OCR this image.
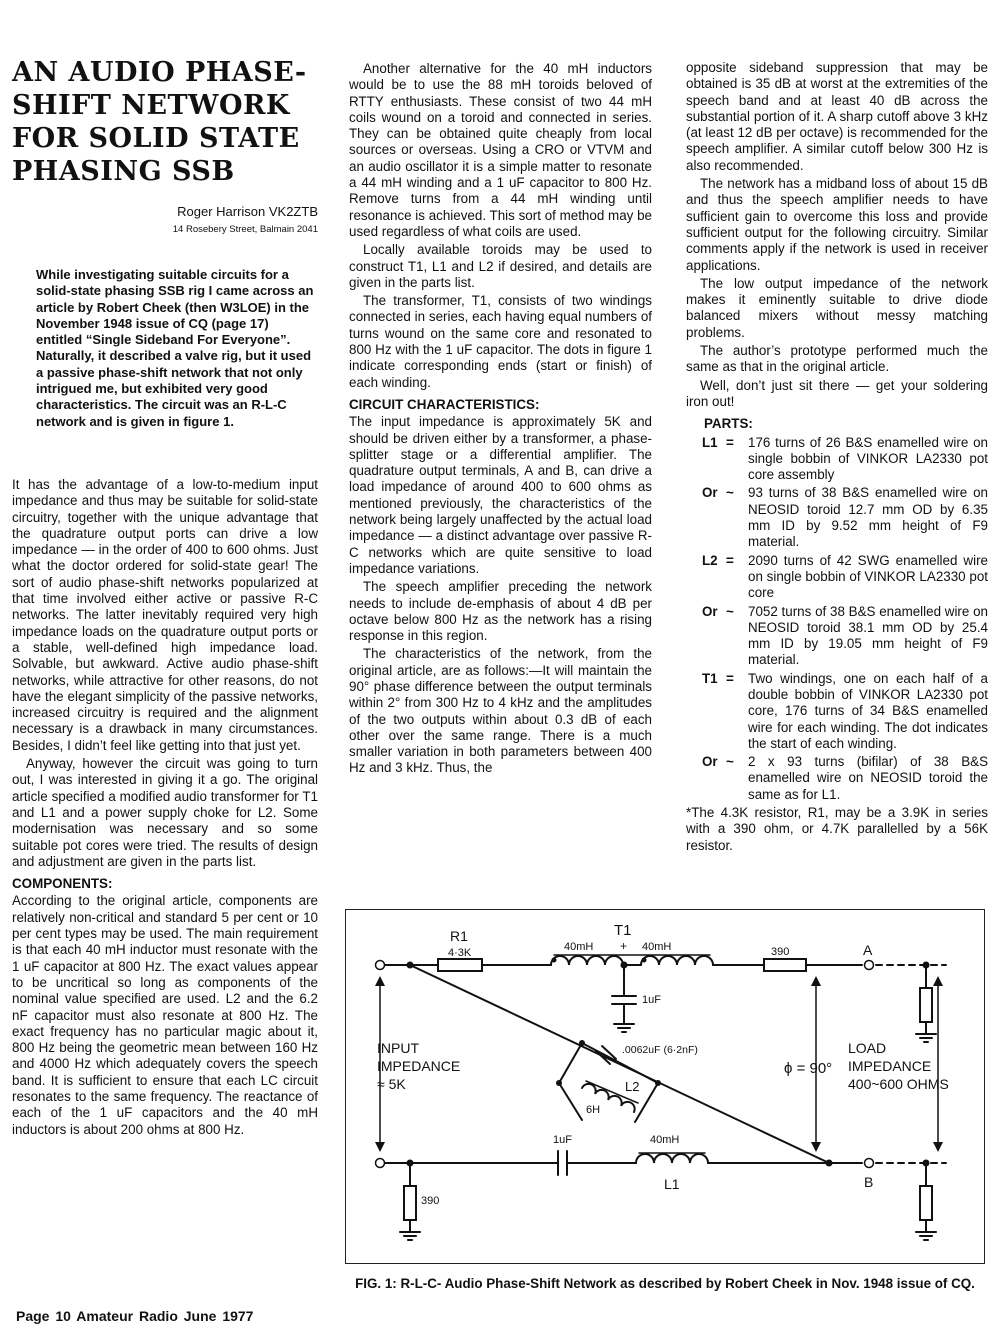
AN AUDIO PHASE-
SHIFT NETWORK
FOR SOLID STATE
PHASING SSB
Roger Harrison VK2ZTB
14 Rosebery Street, Balmain 2041
While investigating suitable circuits for a solid-state phasing SSB rig I came across an article by Robert Cheek (then W3LOE) in the November 1948 issue of CQ (page 17) entitled “Single Sideband For Everyone”. Naturally, it described a valve rig, but it used a passive phase-shift network that not only intrigued me, but exhibited very good characteristics. The circuit was an R-L-C network and is given in figure 1.

It has the advantage of a low-to-medium input impedance and thus may be suitable for solid-state circuitry, together with the unique advantage that the quadrature output ports can drive a low impedance — in the order of 400 to 600 ohms. Just what the doctor ordered for solid-state gear! The sort of audio phase-shift networks popularized at that time involved either active or passive R-C networks. The latter inevitably required very high impedance loads on the quadrature output ports or a stable, well-defined high impedance load. Solvable, but awkward. Active audio phase-shift networks, while attractive for other reasons, do not have the elegant simplicity of the passive networks, increased circuitry is required and the alignment necessary is a drawback in many circumstances. Besides, I didn’t feel like getting into that just yet.

Anyway, however the circuit was going to turn out, I was interested in giving it a go. The original article specified a modified audio transformer for T1 and L1 and a power supply choke for L2. Some modernisation was necessary and so some suitable pot cores were tried. The results of design and adjustment are given in the parts list.

COMPONENTS:

According to the original article, components are relatively non-critical and standard 5 per cent or 10 per cent types may be used. The main requirement is that each 40 mH inductor must resonate with the 1 uF capacitor at 800 Hz. The exact values appear to be uncritical so long as components of the nominal value specified are used. L2 and the 6.2 nF capacitor must also resonate at 800 Hz. The exact frequency has no particular magic about it, 800 Hz being the geometric mean between 160 Hz and 4000 Hz which adequately covers the speech band. It is sufficient to ensure that each LC circuit resonates to the same frequency. The reactance of each of the 1 uF capacitors and the 40 mH inductors is about 200 ohms at 800 Hz.

Another alternative for the 40 mH inductors would be to use the 88 mH toroids beloved of RTTY enthusiasts. These consist of two 44 mH coils wound on a toroid and connected in series. They can be obtained quite cheaply from local sources or overseas. Using a CRO or VTVM and an audio oscillator it is a simple matter to resonate a 44 mH winding and a 1 uF capacitor to 800 Hz. Remove turns from a 44 mH winding until resonance is achieved. This sort of method may be used regardless of what coils are used.

Locally available toroids may be used to construct T1, L1 and L2 if desired, and details are given in the parts list.

The transformer, T1, consists of two windings connected in series, each having equal numbers of turns wound on the same core and resonated to 800 Hz with the 1 uF capacitor. The dots in figure 1 indicate corresponding ends (start or finish) of each winding.

CIRCUIT CHARACTERISTICS:

The input impedance is approximately 5K and should be driven either by a transformer, a phase-splitter stage or a differential amplifier. The quadrature output terminals, A and B, can drive a load impedance of around 400 to 600 ohms as mentioned previously, the characteristics of the network being largely unaffected by the actual load impedance — a distinct advantage over passive R-C networks which are quite sensitive to load impedance variations.

The speech amplifier preceding the network needs to include de-emphasis of about 4 dB per octave below 800 Hz as the network has a rising response in this region.

The characteristics of the network, from the original article, are as follows:—It will maintain the 90° phase difference between the output terminals within 2° from 300 Hz to 4 kHz and the amplitudes of the two outputs within about 0.3 dB of each other over the same range. There is a much smaller variation in both parameters between 400 Hz and 3 kHz. Thus, the

opposite sideband suppression that may be obtained is 35 dB at worst at the extremities of the speech band and at least 40 dB across the substantial portion of it. A sharp cutoff above 3 kHz (at least 12 dB per octave) is recommended for the speech amplifier. A similar cutoff below 300 Hz is also recommended.

The network has a midband loss of about 15 dB and thus the speech amplifier needs to have sufficient gain to overcome this loss and provide sufficient output for the following circuitry. Similar comments apply if the network is used in receiver applications.

The low output impedance of the network makes it eminently suitable to drive diode balanced mixers without messy matching problems.

The author’s prototype performed much the same as that in the original article.

Well, don’t just sit there — get your soldering iron out!

PARTS:
L1 =	176 turns of 26 B&S enamelled wire on single bobbin of VINKOR LA2330 pot core assembly
Or ~	93 turns of 38 B&S enamelled wire on NEOSID toroid 12.7 mm OD by 6.35 mm ID by 9.52 mm height of F9 material.
L2 =	2090 turns of 42 SWG enamelled wire on single bobbin of VINKOR LA2330 pot core
Or ~	7052 turns of 38 B&S enamelled wire on NEOSID toroid 38.1 mm OD by 25.4 mm ID by 19.05 mm height of F9 material.
T1 =	Two windings, one on each half of a double bobbin of VINKOR LA2330 pot core, 176 turns of 34 B&S enamelled wire for each winding. The dot indicates the start of each winding.
Or ~	2 x 93 turns (bifilar) of 38 B&S enamelled wire on NEOSID toroid the same as for L1.

*The 4.3K resistor, R1, may be a 3.9K in series with a 390 ohm, or 4.7K parallelled by a 56K resistor.

R1
4·3K
T1
40mH + 40mH
1uF
390	A
INPUT
IMPEDANCE
≈ 5K
.0062uF (6·2nF)
L2
6H
ϕ = 90°
LOAD
IMPEDANCE
400~600 OHMS
1uF	40mH
L1
390
B
FIG. 1: R-L-C- Audio Phase-Shift Network as described by Robert Cheek in Nov. 1948 issue of CQ.
Page 10 Amateur Radio June 1977
